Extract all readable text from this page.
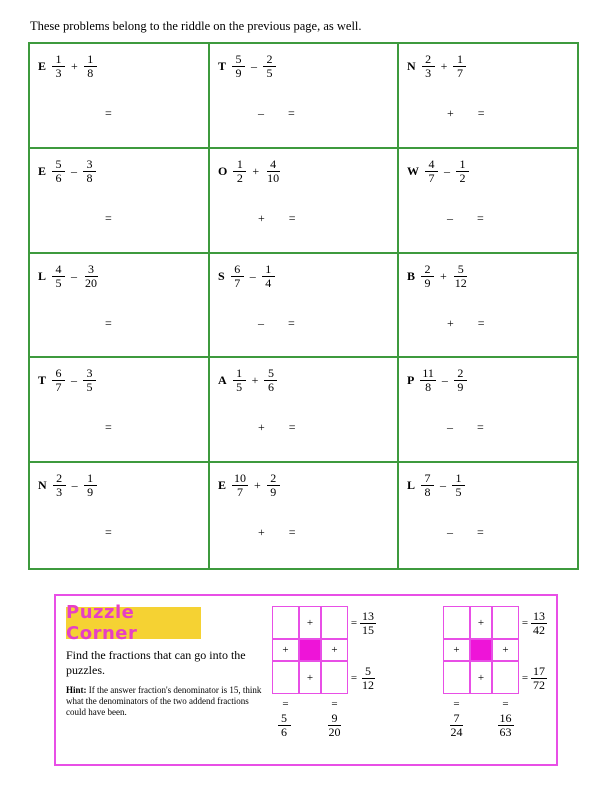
These problems belong to the riddle on the previous page, as well.
E $\frac{1}{3} + \frac{1}{8}$
=
T $\frac{5}{9} - \frac{2}{5}$
– =
N $\frac{2}{3} + \frac{1}{7}$
+ =
E $\frac{5}{6} - \frac{3}{8}$
=
O $\frac{1}{2} + \frac{4}{10}$
+ =
W $\frac{4}{7} - \frac{1}{2}$
– =
L $\frac{4}{5} - \frac{3}{20}$
=
S $\frac{6}{7} - \frac{1}{4}$
– =
B $\frac{2}{9} + \frac{5}{12}$
+ =
T $\frac{6}{7} - \frac{3}{5}$
=
A $\frac{1}{5} + \frac{5}{6}$
+ =
P $\frac{11}{8} - \frac{2}{9}$
– =
N $\frac{2}{3} - \frac{1}{9}$
=
E $\frac{10}{7} + \frac{2}{9}$
+ =
L $\frac{7}{8} - \frac{1}{5}$
– =
Puzzle Corner
Find the fractions that can go into the puzzles.
Hint: If the answer fraction's denominator is 15, think what the denominators of the two addend fractions could have been.
+
+
+	+
= $\frac{13}{15}$
= $\frac{5}{12}$
=
$\frac{5}{6}$
=
$\frac{9}{20}$
+
+
+	+
= $\frac{13}{42}$
= $\frac{17}{72}$
=
$\frac{7}{24}$
=
$\frac{16}{63}$
